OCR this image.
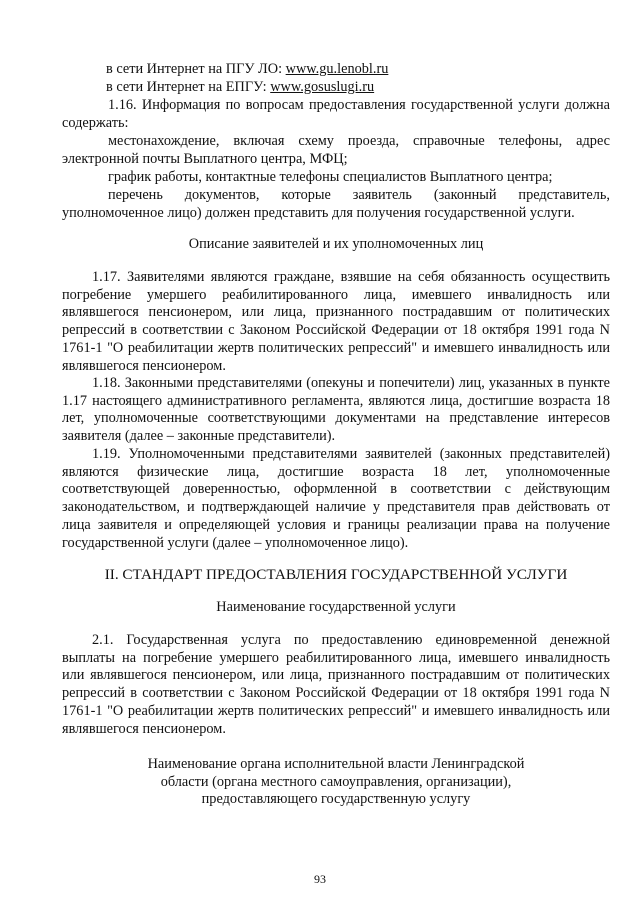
в сети Интернет на ПГУ ЛО: www.gu.lenobl.ru

в сети Интернет на ЕПГУ: www.gosuslugi.ru

1.16. Информация по вопросам предоставления государственной услуги должна содержать:

местонахождение, включая схему проезда, справочные телефоны, адрес электронной почты Выплатного центра, МФЦ;

график работы, контактные телефоны специалистов Выплатного центра;

перечень документов, которые заявитель (законный представитель, уполномоченное лицо) должен представить для получения государственной услуги.

Описание заявителей и их уполномоченных лиц

1.17. Заявителями являются граждане, взявшие на себя обязанность осуществить погребение умершего реабилитированного лица, имевшего инвалидность или являвшегося пенсионером, или лица, признанного пострадавшим от политических репрессий в соответствии с Законом Российской Федерации от 18 октября 1991 года N 1761-1 "О реабилитации жертв политических репрессий" и имевшего инвалидность или являвшегося пенсионером.

1.18. Законными представителями (опекуны и попечители) лиц, указанных в пункте 1.17 настоящего административного регламента, являются лица, достигшие возраста 18 лет, уполномоченные соответствующими документами на представление интересов заявителя (далее – законные представители).

1.19. Уполномоченными представителями заявителей (законных представителей) являются физические лица, достигшие возраста 18 лет, уполномоченные соответствующей доверенностью, оформленной в соответствии с действующим законодательством, и подтверждающей наличие у представителя прав действовать от лица заявителя и определяющей условия и границы реализации права на получение государственной услуги (далее – уполномоченное лицо).

II. СТАНДАРТ ПРЕДОСТАВЛЕНИЯ ГОСУДАРСТВЕННОЙ УСЛУГИ

Наименование государственной услуги

2.1. Государственная услуга по предоставлению единовременной денежной выплаты на погребение умершего реабилитированного лица, имевшего инвалидность или являвшегося пенсионером, или лица, признанного пострадавшим от политических репрессий в соответствии с Законом Российской Федерации от 18 октября 1991 года N 1761-1 "О реабилитации жертв политических репрессий" и имевшего инвалидность или являвшегося пенсионером.

Наименование органа исполнительной власти Ленинградской
области (органа местного самоуправления, организации),
предоставляющего государственную услугу
93
